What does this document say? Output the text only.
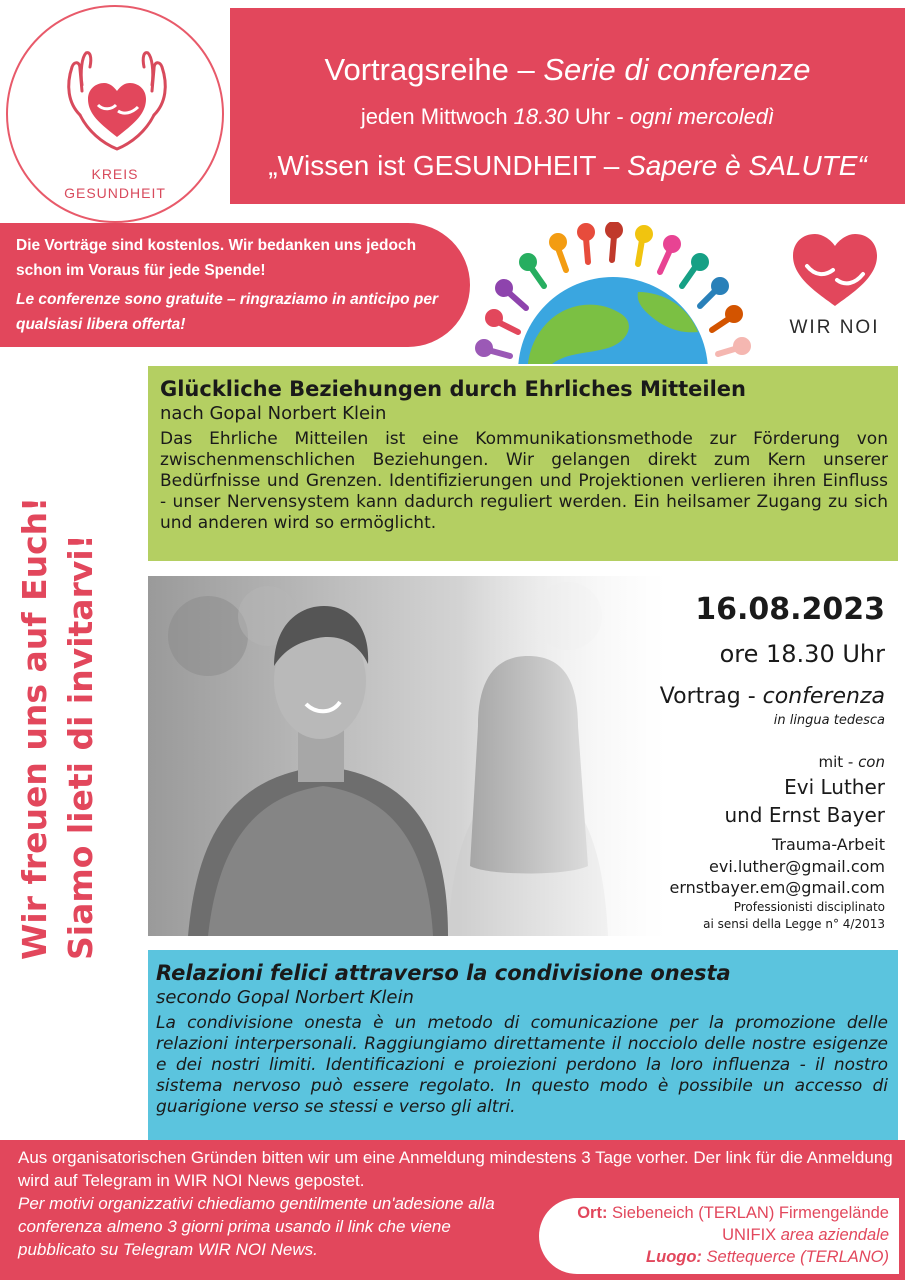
KREIS
GESUNDHEIT
Vortragsreihe – Serie di conferenze
jeden Mittwoch 18.30 Uhr - ogni mercoledì
„Wissen ist GESUNDHEIT – Sapere è SALUTE“
Die Vorträge sind kostenlos. Wir bedanken uns jedoch schon im Voraus für jede Spende!
Le conferenze sono gratuite – ringraziamo in anticipo per qualsiasi libera offerta!	WIR NOI
Glückliche Beziehungen durch Ehrliches Mitteilen
nach Gopal Norbert Klein
Das Ehrliche Mitteilen ist eine Kommunikationsmethode zur Förderung von zwischenmenschlichen Beziehungen. Wir gelangen direkt zum Kern unserer Bedürfnisse und Grenzen. Identifizierungen und Projektionen verlieren ihren Einfluss - unser Nervensystem kann dadurch reguliert werden. Ein heilsamer Zugang zu sich und anderen wird so ermöglicht.
Wir freuen uns auf Euch! Siamo lieti di invitarvi!	16.08.2023
ore 18.30 Uhr
Vortrag - conferenza
in lingua tedesca
mit - con
Evi Luther
und Ernst Bayer
Trauma-Arbeit
evi.luther@gmail.com
ernstbayer.em@gmail.com
Professionisti disciplinato
ai sensi della Legge n° 4/2013
Relazioni felici attraverso la condivisione onesta
secondo Gopal Norbert Klein
La condivisione onesta è un metodo di comunicazione per la promozione delle relazioni interpersonali. Raggiungiamo direttamente il nocciolo delle nostre esigenze e dei nostri limiti. Identificazioni e proiezioni perdono la loro influenza - il nostro sistema nervoso può essere regolato. In questo modo è possibile un accesso di guarigione verso se stessi e verso gli altri.
Aus organisatorischen Gründen bitten wir um eine Anmeldung mindestens 3 Tage vorher. Der link für die Anmeldung wird auf Telegram in WIR NOI News gepostet.
Per motivi organizzativi chiediamo gentilmente un'adesione alla conferenza almeno 3 giorni prima usando il link che viene pubblicato su Telegram WIR NOI News.
Ort: Siebeneich (TERLAN) Firmengelände UNIFIX area aziendale
Luogo: Settequerce (TERLANO)
